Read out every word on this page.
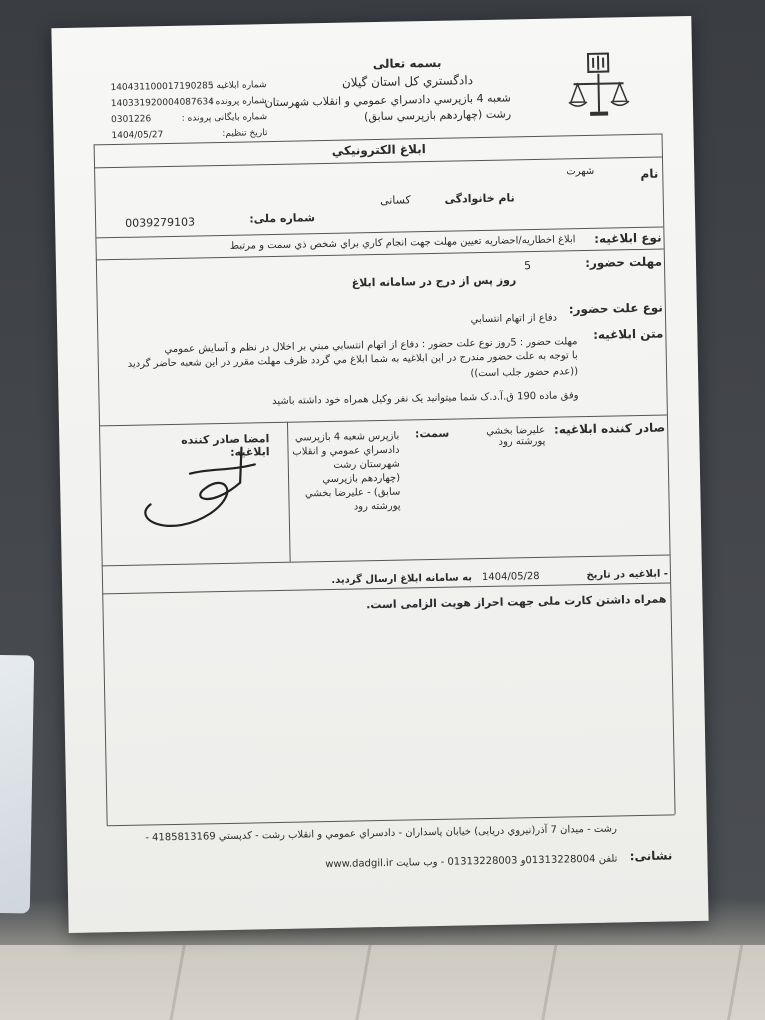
بسمه تعالی
دادگستري کل استان گیلان
شعبه 4 بازپرسي دادسراي عمومي و انقلاب شهرستان
رشت (چهاردهم بازپرسي سابق)
شماره ابلاغیه :
140431100017190285
شماره پرونده :
140331920004087634
شماره بایگانی پرونده :
0301226
تاریخ تنظیم:
1404/05/27
ابلاغ الكترونيكي
نام
شهرت
نام خانوادگی
کسانی
شماره ملی:
0039279103
نوع ابلاغیه:
ابلاغ اخطاریه/احضاریه تعیین مهلت جهت انجام کاري براي شخص ذي سمت و مرتبط
مهلت حضور:
5
روز پس از درج در سامانه ابلاغ
نوع علت حضور:
دفاع از اتهام انتسابي
متن ابلاغیه:
مهلت حضور : 5روز نوع علت حضور : دفاع از اتهام انتسابي مبني بر اخلال در نظم و آسايش عمومي
با توجه به علت حضور مندرج در این ابلاغیه به شما ابلاغ مي گردد ظرف مهلت مقرر در این شعبه حاضر گردید
((عدم حضور جلب است))
وفق ماده 190 ق.آ.د.ک شما میتوانید یک نفر وکیل همراه خود داشته باشید
صادر کننده ابلاغیه:
علیرضا بخشي پورشته رود
سمت:
بازپرس شعبه 4 بازپرسي
دادسراي عمومي و انقلاب
شهرستان رشت
(چهاردهم بازپرسي
سابق) - علیرضا بخشي
پورشته رود
امضا صادر کننده ابلاغیه:
- ابلاغیه در تاریخ
1404/05/28
به سامانه ابلاغ ارسال گردید.
همراه داشتن کارت ملی جهت احراز هویت الزامی است.
نشانی:
رشت - میدان 7 آذر(نیروي دریایی) خیابان پاسداران - دادسراي عمومي و انقلاب رشت - کدپستي 4185813169 -
تلفن 01313228004و 01313228003 - وب سایت www.dadgil.ir
